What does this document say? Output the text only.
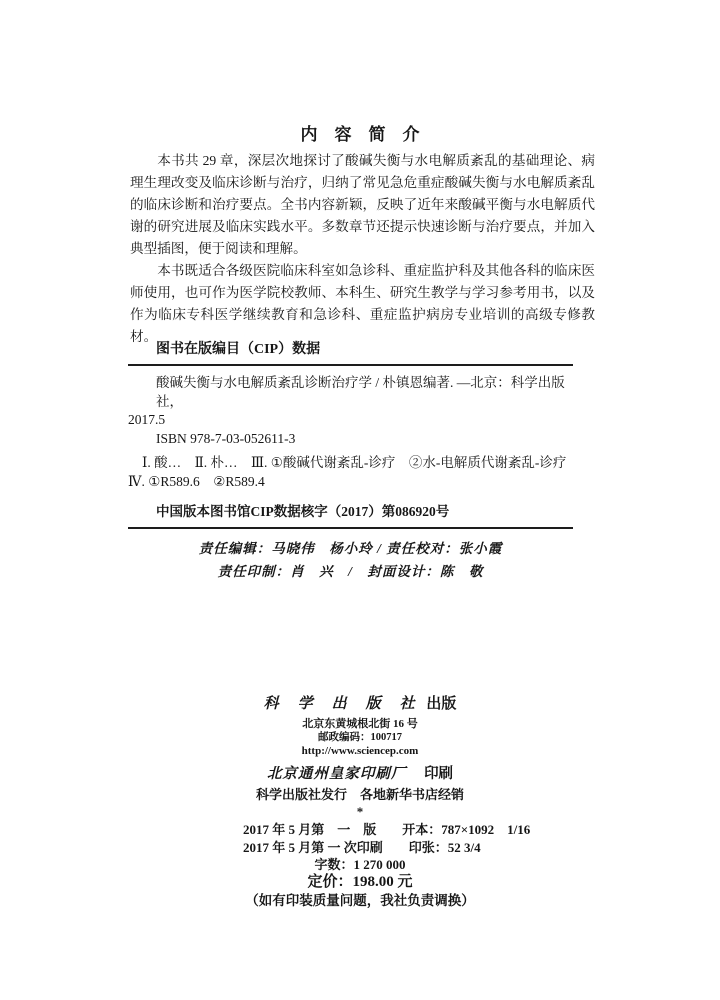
内　容　简　介

本书共 29 章，深层次地探讨了酸碱失衡与水电解质紊乱的基础理论、病理生理改变及临床诊断与治疗，归纳了常见急危重症酸碱失衡与水电解质紊乱的临床诊断和治疗要点。全书内容新颖，反映了近年来酸碱平衡与水电解质代谢的研究进展及临床实践水平。多数章节还提示快速诊断与治疗要点，并加入典型插图，便于阅读和理解。

本书既适合各级医院临床科室如急诊科、重症监护科及其他各科的临床医师使用，也可作为医学院校教师、本科生、研究生教学与学习参考用书，以及作为临床专科医学继续教育和急诊科、重症监护病房专业培训的高级专修教材。

图书在版编目（CIP）数据
酸碱失衡与水电解质紊乱诊断治疗学 / 朴镇恩编著. —北京：科学出版社，
2017.5
ISBN 978-7-03-052611-3
Ⅰ. 酸…　Ⅱ. 朴…　Ⅲ. ①酸碱代谢紊乱-诊疗　②水-电解质代谢紊乱-诊疗　Ⅳ. ①R589.6　②R589.4
中国版本图书馆CIP数据核字（2017）第086920号
责任编辑：马晓伟　杨小玲 / 责任校对：张小霞
责任印制：肖　兴　/　封面设计：陈　敬
科　学　出　版　社 出版
北京东黄城根北街 16 号
邮政编码：100717
http://www.sciencep.com
北京通州皇家印刷厂 印刷
科学出版社发行　各地新华书店经销
*
2017 年 5 月第　一　版　　开本：787×1092　1/16
2017 年 5 月第 一 次印刷　　印张：52 3/4
字数：1 270 000
定价：198.00 元
（如有印装质量问题，我社负责调换）
